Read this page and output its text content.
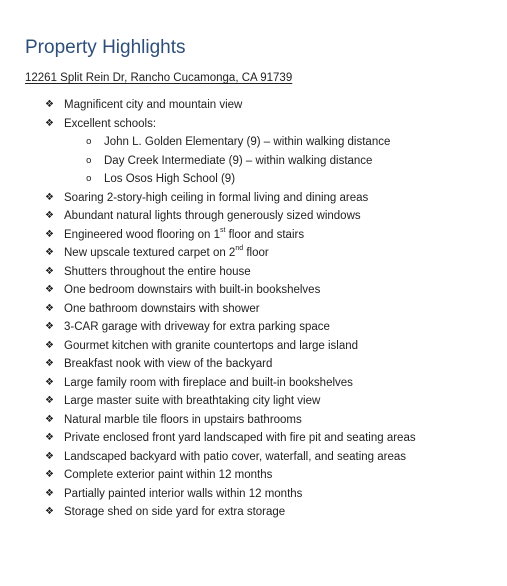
Property Highlights
12261 Split Rein Dr, Rancho Cucamonga, CA 91739
❖ Magnificent city and mountain view
❖ Excellent schools:
o John L. Golden Elementary (9) – within walking distance
o Day Creek Intermediate (9) – within walking distance
o Los Osos High School (9)
❖ Soaring 2-story-high ceiling in formal living and dining areas
❖ Abundant natural lights through generously sized windows
❖ Engineered wood flooring on 1st floor and stairs
❖ New upscale textured carpet on 2nd floor
❖ Shutters throughout the entire house
❖ One bedroom downstairs with built-in bookshelves
❖ One bathroom downstairs with shower
❖ 3-CAR garage with driveway for extra parking space
❖ Gourmet kitchen with granite countertops and large island
❖ Breakfast nook with view of the backyard
❖ Large family room with fireplace and built-in bookshelves
❖ Large master suite with breathtaking city light view
❖ Natural marble tile floors in upstairs bathrooms
❖ Private enclosed front yard landscaped with fire pit and seating areas
❖ Landscaped backyard with patio cover, waterfall, and seating areas
❖ Complete exterior paint within 12 months
❖ Partially painted interior walls within 12 months
❖ Storage shed on side yard for extra storage
